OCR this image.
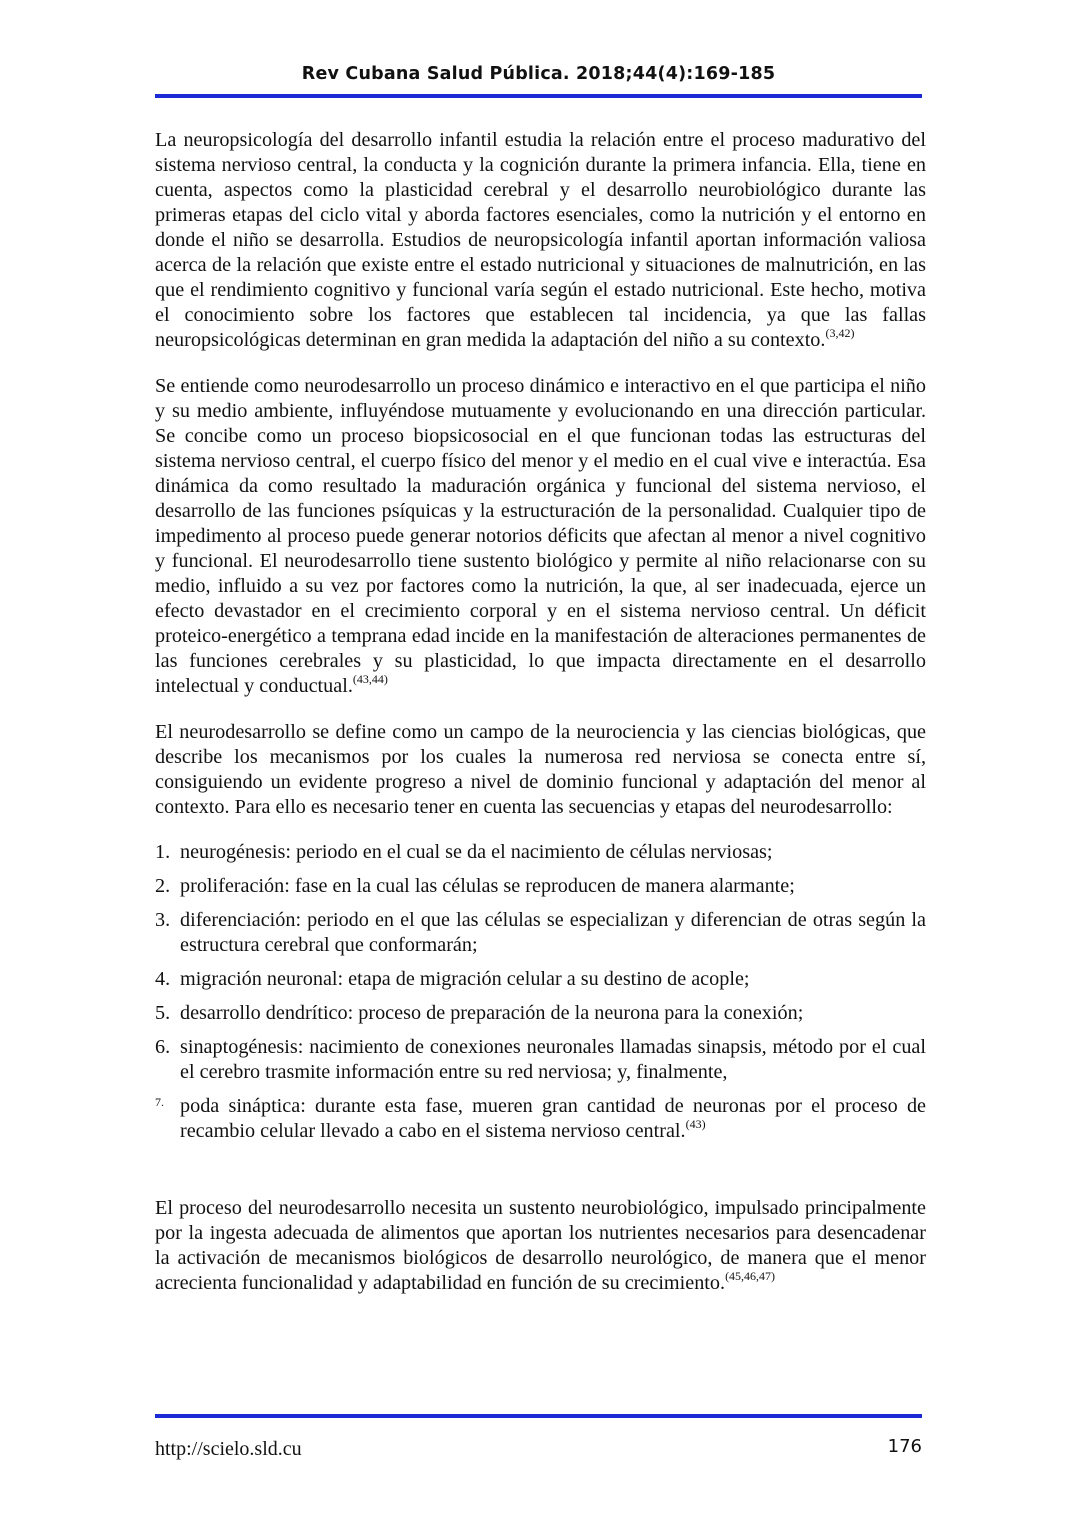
Rev Cubana Salud Pública. 2018;44(4):169-185

La neuropsicología del desarrollo infantil estudia la relación entre el proceso madurativo del sistema nervioso central, la conducta y la cognición durante la primera infancia. Ella, tiene en cuenta, aspectos como la plasticidad cerebral y el desarrollo neurobiológico durante las primeras etapas del ciclo vital y aborda factores esenciales, como la nutrición y el entorno en donde el niño se desarrolla. Estudios de neuropsicología infantil aportan información valiosa acerca de la relación que existe entre el estado nutricional y situaciones de malnutrición, en las que el rendimiento cognitivo y funcional varía según el estado nutricional. Este hecho, motiva el conocimiento sobre los factores que establecen tal incidencia, ya que las fallas neuropsicológicas determinan en gran medida la adaptación del niño a su contexto.$^{(3,42)}$

Se entiende como neurodesarrollo un proceso dinámico e interactivo en el que participa el niño y su medio ambiente, influyéndose mutuamente y evolucionando en una dirección particular. Se concibe como un proceso biopsicosocial en el que funcionan todas las estructuras del sistema nervioso central, el cuerpo físico del menor y el medio en el cual vive e interactúa. Esa dinámica da como resultado la maduración orgánica y funcional del sistema nervioso, el desarrollo de las funciones psíquicas y la estructuración de la personalidad. Cualquier tipo de impedimento al proceso puede generar notorios déficits que afectan al menor a nivel cognitivo y funcional. El neurodesarrollo tiene sustento biológico y permite al niño relacionarse con su medio, influido a su vez por factores como la nutrición, la que, al ser inadecuada, ejerce un efecto devastador en el crecimiento corporal y en el sistema nervioso central. Un déficit proteico-energético a temprana edad incide en la manifestación de alteraciones permanentes de las funciones cerebrales y su plasticidad, lo que impacta directamente en el desarrollo intelectual y conductual.$^{(43,44)}$

El neurodesarrollo se define como un campo de la neurociencia y las ciencias biológicas, que describe los mecanismos por los cuales la numerosa red nerviosa se conecta entre sí, consiguiendo un evidente progreso a nivel de dominio funcional y adaptación del menor al contexto. Para ello es necesario tener en cuenta las secuencias y etapas del neurodesarrollo:

1. neurogénesis: periodo en el cual se da el nacimiento de células nerviosas;
2. proliferación: fase en la cual las células se reproducen de manera alarmante;
3. diferenciación: periodo en el que las células se especializan y diferencian de otras según la estructura cerebral que conformarán;
4. migración neuronal: etapa de migración celular a su destino de acople;
5. desarrollo dendrítico: proceso de preparación de la neurona para la conexión;
6. sinaptogénesis: nacimiento de conexiones neuronales llamadas sinapsis, método por el cual el cerebro trasmite información entre su red nerviosa; y, finalmente,
7. poda sináptica: durante esta fase, mueren gran cantidad de neuronas por el proceso de recambio celular llevado a cabo en el sistema nervioso central.$^{(43)}$

El proceso del neurodesarrollo necesita un sustento neurobiológico, impulsado principalmente por la ingesta adecuada de alimentos que aportan los nutrientes necesarios para desencadenar la activación de mecanismos biológicos de desarrollo neurológico, de manera que el menor acrecienta funcionalidad y adaptabilidad en función de su crecimiento.$^{(45,46,47)}$

http://scielo.sld.cu	176
